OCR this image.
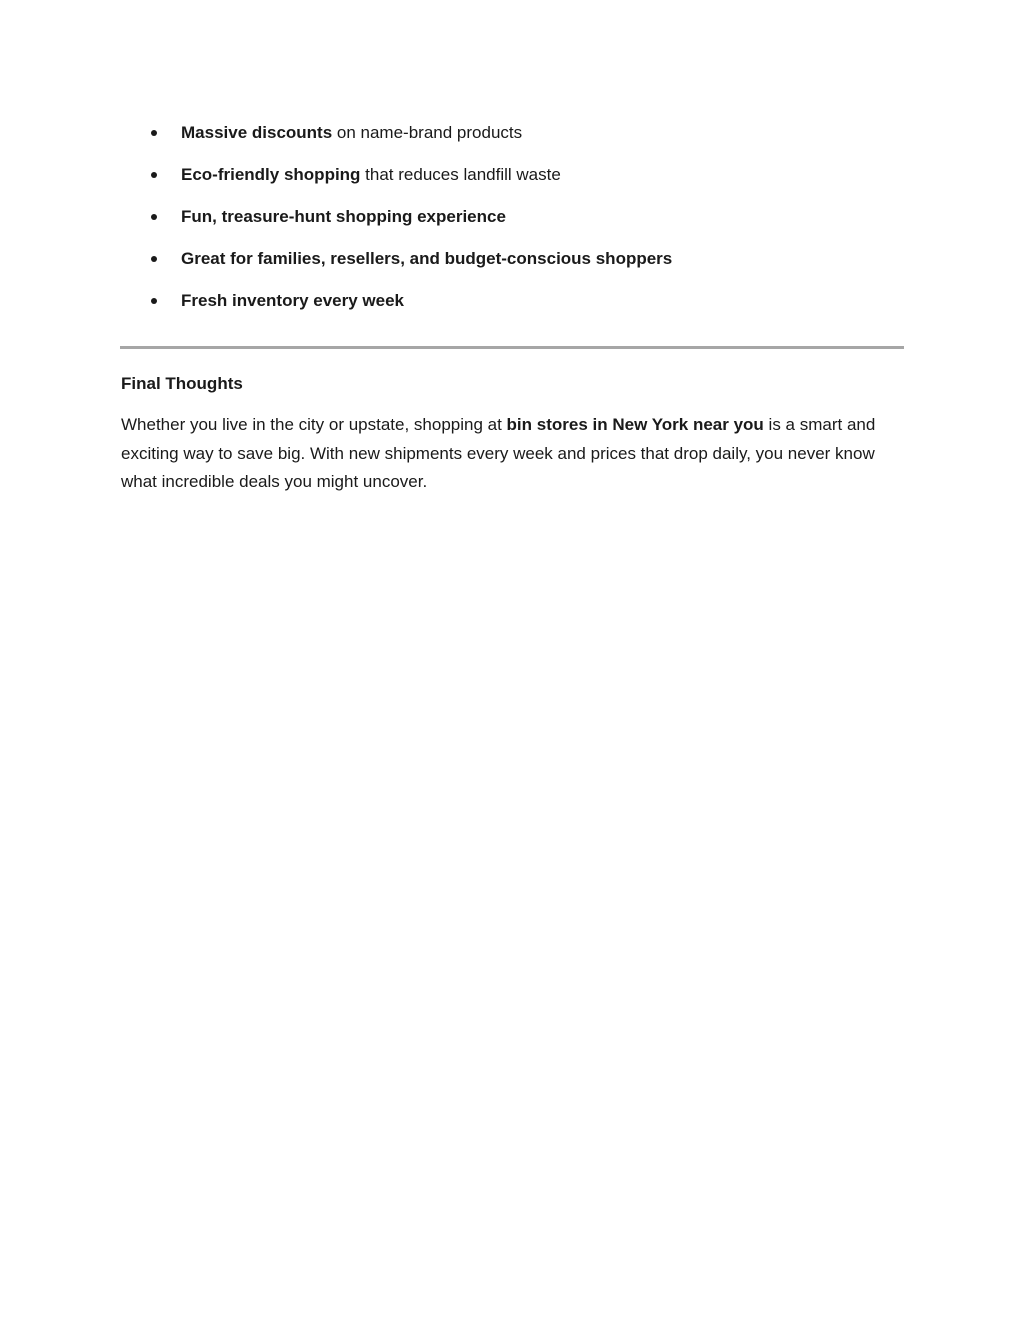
Massive discounts on name-brand products
Eco-friendly shopping that reduces landfill waste
Fun, treasure-hunt shopping experience
Great for families, resellers, and budget-conscious shoppers
Fresh inventory every week
Final Thoughts

Whether you live in the city or upstate, shopping at bin stores in New York near you is a smart and exciting way to save big. With new shipments every week and prices that drop daily, you never know what incredible deals you might uncover.
